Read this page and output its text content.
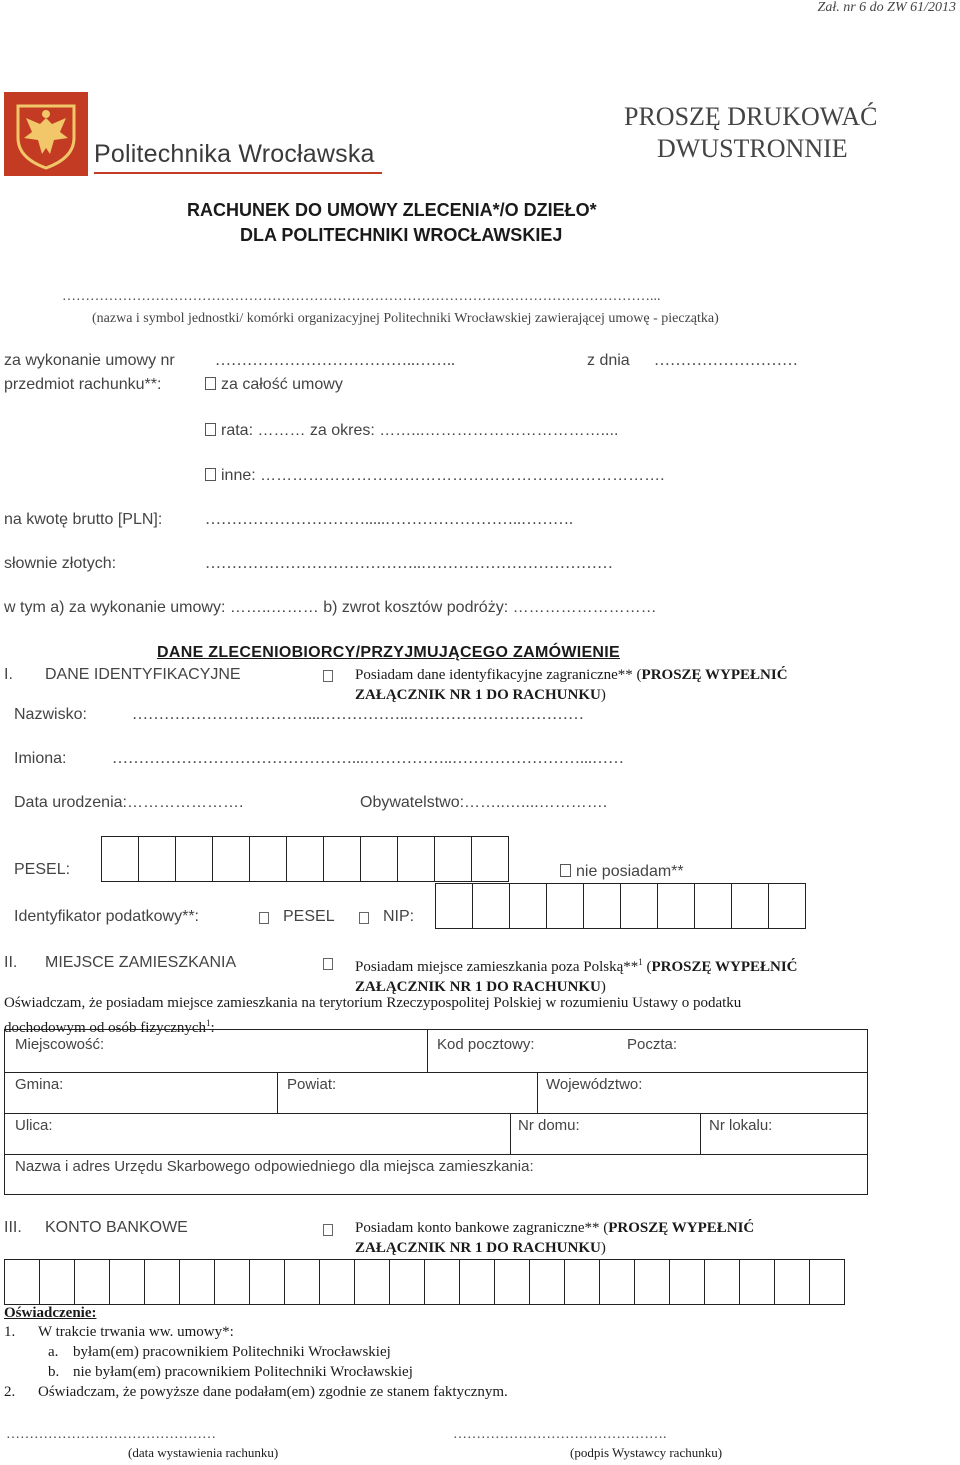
Zał. nr 6 do ZW 61/2013
Politechnika Wrocławska
PROSZĘ DRUKOWAĆ
DWUSTRONNIE
RACHUNEK DO UMOWY ZLECENIA*/O DZIEŁO*
DLA POLITECHNIKI WROCŁAWSKIEJ
………………………………………………………………………………………………………………...
(nazwa i symbol jednostki/ komórki organizacyjnej Politechniki Wrocławskiej zawierającej umowę - pieczątka)
za wykonanie umowy nr	………………………………..……..	z dnia ………………………
przedmiot rachunku**:	za całość umowy
rata: ……… za okres: ……...……………………………....
inne: ………………………………………………………………….
na kwotę brutto [PLN]:	………………………….....……………………..……….
słownie złotych:	…………………………………..………………………………
w tym a) za wykonanie umowy: ……..……… b) zwrot kosztów podróży: ………………………
DANE ZLECENIOBIORCY/PRZYJMUJĄCEGO ZAMÓWIENIE
I. DANE IDENTYFIKACYJNE	Posiadam dane identyfikacyjne zagraniczne** (PROSZĘ WYPEŁNIĆ
ZAŁĄCZNIK NR 1 DO RACHUNKU)
Nazwisko:	……………………………...……………..……………………………
Imiona:	………………………………………...……………..……………………...……
Data urodzenia:………………….	Obywatelstwo:……..…....………….
PESEL:	nie posiadam**
Identyfikator podatkowy**:	PESEL	NIP:
II. MIEJSCE ZAMIESZKANIA	Posiadam miejsce zamieszkania poza Polską**$^1$ (PROSZĘ WYPEŁNIĆ
ZAŁĄCZNIK NR 1 DO RACHUNKU)
Oświadczam, że posiadam miejsce zamieszkania na terytorium Rzeczypospolitej Polskiej w rozumieniu Ustawy o podatku
dochodowym od osób fizycznych$^1$:
Miejscowość:	Kod pocztowy:	Poczta:
Gmina:	Powiat:	Województwo:
Ulica:	Nr domu:	Nr lokalu:
Nazwa i adres Urzędu Skarbowego odpowiedniego dla miejsca zamieszkania:
III. KONTO BANKOWE	Posiadam konto bankowe zagraniczne** (PROSZĘ WYPEŁNIĆ
ZAŁĄCZNIK NR 1 DO RACHUNKU)
Oświadczenie:
1. W trakcie trwania ww. umowy*:
a. byłam(em) pracownikiem Politechniki Wrocławskiej
b. nie byłam(em) pracownikiem Politechniki Wrocławskiej
2. Oświadczam, że powyższe dane podałam(em) zgodnie ze stanem faktycznym.
………………………………………
(data wystawienia rachunku)
……………………………………….
(podpis Wystawcy rachunku)
